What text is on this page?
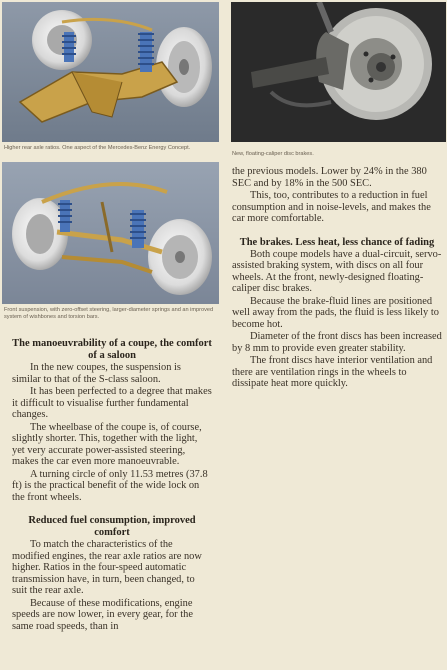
Higher rear axle ratios. One aspect of the Mercedes-Benz Energy Concept.
New, floating-caliper disc brakes.
Front suspension, with zero-offset steering, larger-diameter springs and an improved system of wishbones and torsion bars.
The manoeuvrability of a coupe, the comfort of a saloon

In the new coupes, the suspension is similar to that of the S-class saloon.

It has been perfected to a degree that makes it difficult to visualise further fundamental changes.

The wheelbase of the coupe is, of course, slightly shorter. This, together with the light, yet very accurate power-assisted steering, makes the car even more manoeuvrable.

A turning circle of only 11.53 metres (37.8 ft) is the practical benefit of the wide lock on the front wheels.

Reduced fuel consumption, improved comfort

To match the characteristics of the modified engines, the rear axle ratios are now higher. Ratios in the four-speed automatic transmission have, in turn, been changed, to suit the rear axle.

Because of these modifications, engine speeds are now lower, in every gear, for the same road speeds, than in

the previous models. Lower by 24% in the 380 SEC and by 18% in the 500 SEC.

This, too, contributes to a reduction in fuel consumption and in noise-levels, and makes the car more comfortable.

The brakes. Less heat, less chance of fading

Both coupe models have a dual-circuit, servo-assisted braking system, with discs on all four wheels. At the front, newly-designed floating-caliper disc brakes.

Because the brake-fluid lines are positioned well away from the pads, the fluid is less likely to become hot.

Diameter of the front discs has been increased by 8 mm to provide even greater stability.

The front discs have interior ventilation and there are ventilation rings in the wheels to dissipate heat more quickly.
